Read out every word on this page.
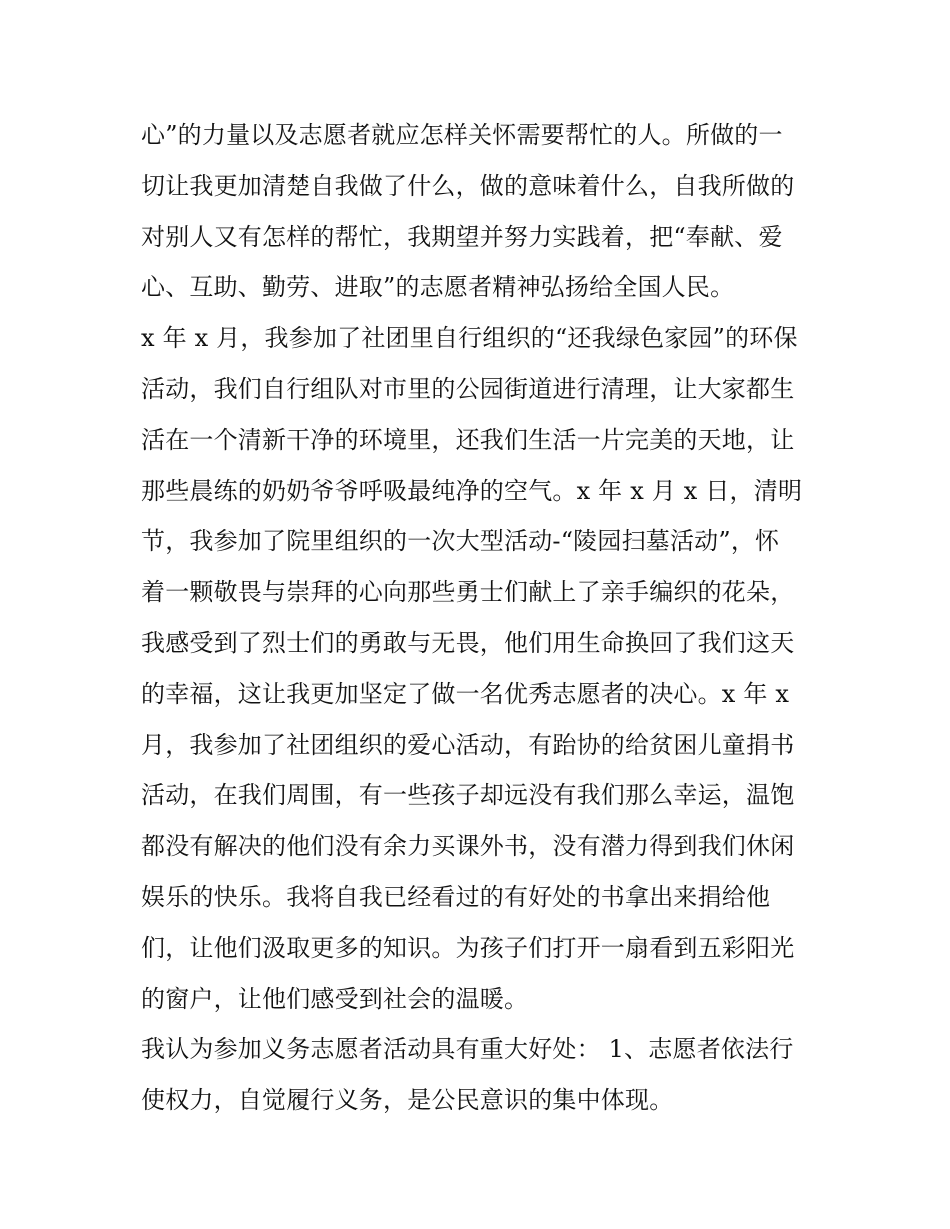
心”的力量以及志愿者就应怎样关怀需要帮忙的人。所做的一
切让我更加清楚自我做了什么，做的意味着什么，自我所做的
对别人又有怎样的帮忙，我期望并努力实践着，把“奉献、爱
心、互助、勤劳、进取”的志愿者精神弘扬给全国人民。
x 年 x 月，我参加了社团里自行组织的“还我绿色家园”的环保
活动，我们自行组队对市里的公园街道进行清理，让大家都生
活在一个清新干净的环境里，还我们生活一片完美的天地，让
那些晨练的奶奶爷爷呼吸最纯净的空气。x 年 x 月 x 日，清明
节，我参加了院里组织的一次大型活动-“陵园扫墓活动”，怀
着一颗敬畏与崇拜的心向那些勇士们献上了亲手编织的花朵，
我感受到了烈士们的勇敢与无畏，他们用生命换回了我们这天
的幸福，这让我更加坚定了做一名优秀志愿者的决心。x 年 x
月，我参加了社团组织的爱心活动，有跆协的给贫困儿童捐书
活动，在我们周围，有一些孩子却远没有我们那么幸运，温饱
都没有解决的他们没有余力买课外书，没有潜力得到我们休闲
娱乐的快乐。我将自我已经看过的有好处的书拿出来捐给他
们，让他们汲取更多的知识。为孩子们打开一扇看到五彩阳光
的窗户，让他们感受到社会的温暖。
我认为参加义务志愿者活动具有重大好处： 1、志愿者依法行
使权力，自觉履行义务，是公民意识的集中体现。
